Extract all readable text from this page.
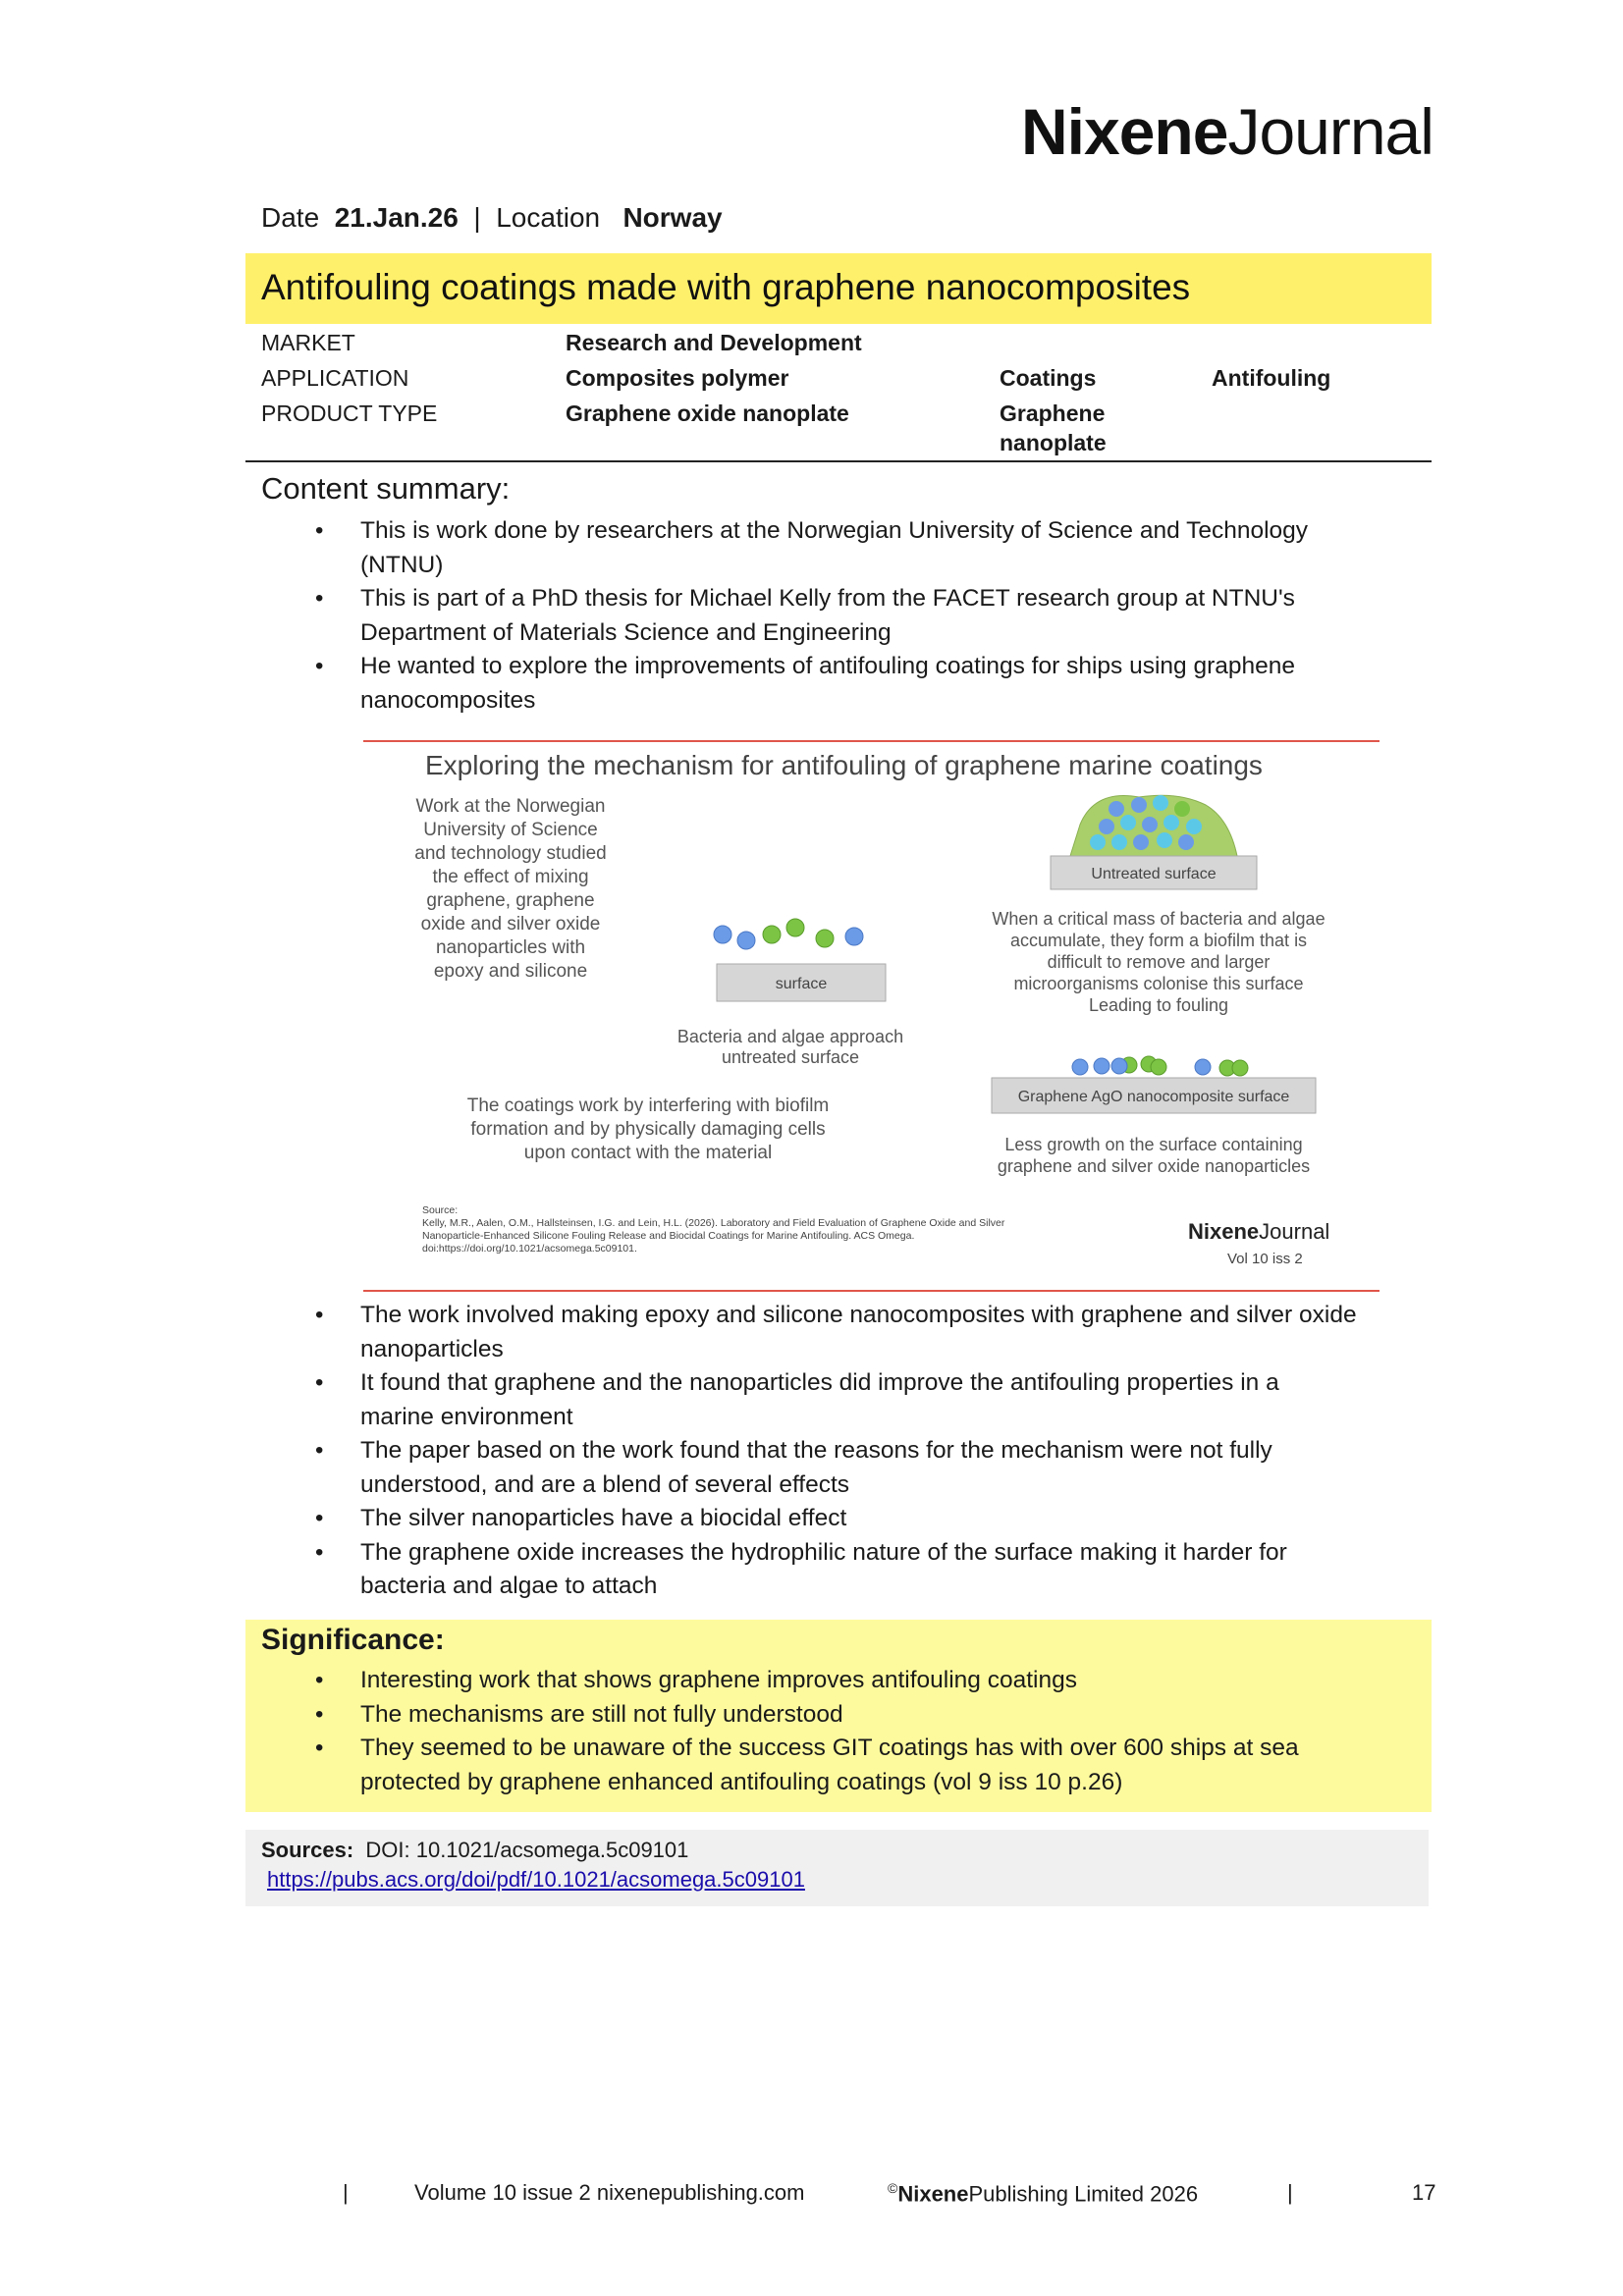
NixeneJournal
Date 21.Jan.26 | Location Norway
Antifouling coatings made with graphene nanocomposites
MARKET	Research and Development
APPLICATION	Composites polymer	Coatings	Antifouling
PRODUCT TYPE	Graphene oxide nanoplate	Graphene
nanoplate
Content summary:
• This is work done by researchers at the Norwegian University of Science and Technology
(NTNU)
• This is part of a PhD thesis for Michael Kelly from the FACET research group at NTNU's
Department of Materials Science and Engineering
• He wanted to explore the improvements of antifouling coatings for ships using graphene
nanocomposites
Exploring the mechanism for antifouling of graphene marine coatings
Work at the Norwegian
University of Science
and technology studied
the effect of mixing
graphene, graphene
oxide and silver oxide
nanoparticles with
epoxy and silicone
surface
Bacteria and algae approach
untreated surface
Untreated surface
When a critical mass of bacteria and algae
accumulate, they form a biofilm that is
difficult to remove and larger
microorganisms colonise this surface
Leading to fouling
The coatings work by interfering with biofilm
formation and by physically damaging cells
upon contact with the material
Graphene AgO nanocomposite surface
Less growth on the surface containing
graphene and silver oxide nanoparticles
Source:
Kelly, M.R., Aalen, O.M., Hallsteinsen, I.G. and Lein, H.L. (2026). Laboratory and Field Evaluation of Graphene Oxide and Silver
Nanoparticle-Enhanced Silicone Fouling Release and Biocidal Coatings for Marine Antifouling. ACS Omega.
doi:https://doi.org/10.1021/acsomega.5c09101.
NixeneJournal
Vol 10 iss 2
• The work involved making epoxy and silicone nanocomposites with graphene and silver oxide
nanoparticles
• It found that graphene and the nanoparticles did improve the antifouling properties in a
marine environment
• The paper based on the work found that the reasons for the mechanism were not fully
understood, and are a blend of several effects
• The silver nanoparticles have a biocidal effect
• The graphene oxide increases the hydrophilic nature of the surface making it harder for
bacteria and algae to attach
Significance:
• Interesting work that shows graphene improves antifouling coatings
• The mechanisms are still not fully understood
• They seemed to be unaware of the success GIT coatings has with over 600 ships at sea
protected by graphene enhanced antifouling coatings (vol 9 iss 10 p.26)
Sources: DOI: 10.1021/acsomega.5c09101
https://pubs.acs.org/doi/pdf/10.1021/acsomega.5c09101
|	Volume 10 issue 2 nixenepublishing.com	©NixenePublishing Limited 2026	|	17
